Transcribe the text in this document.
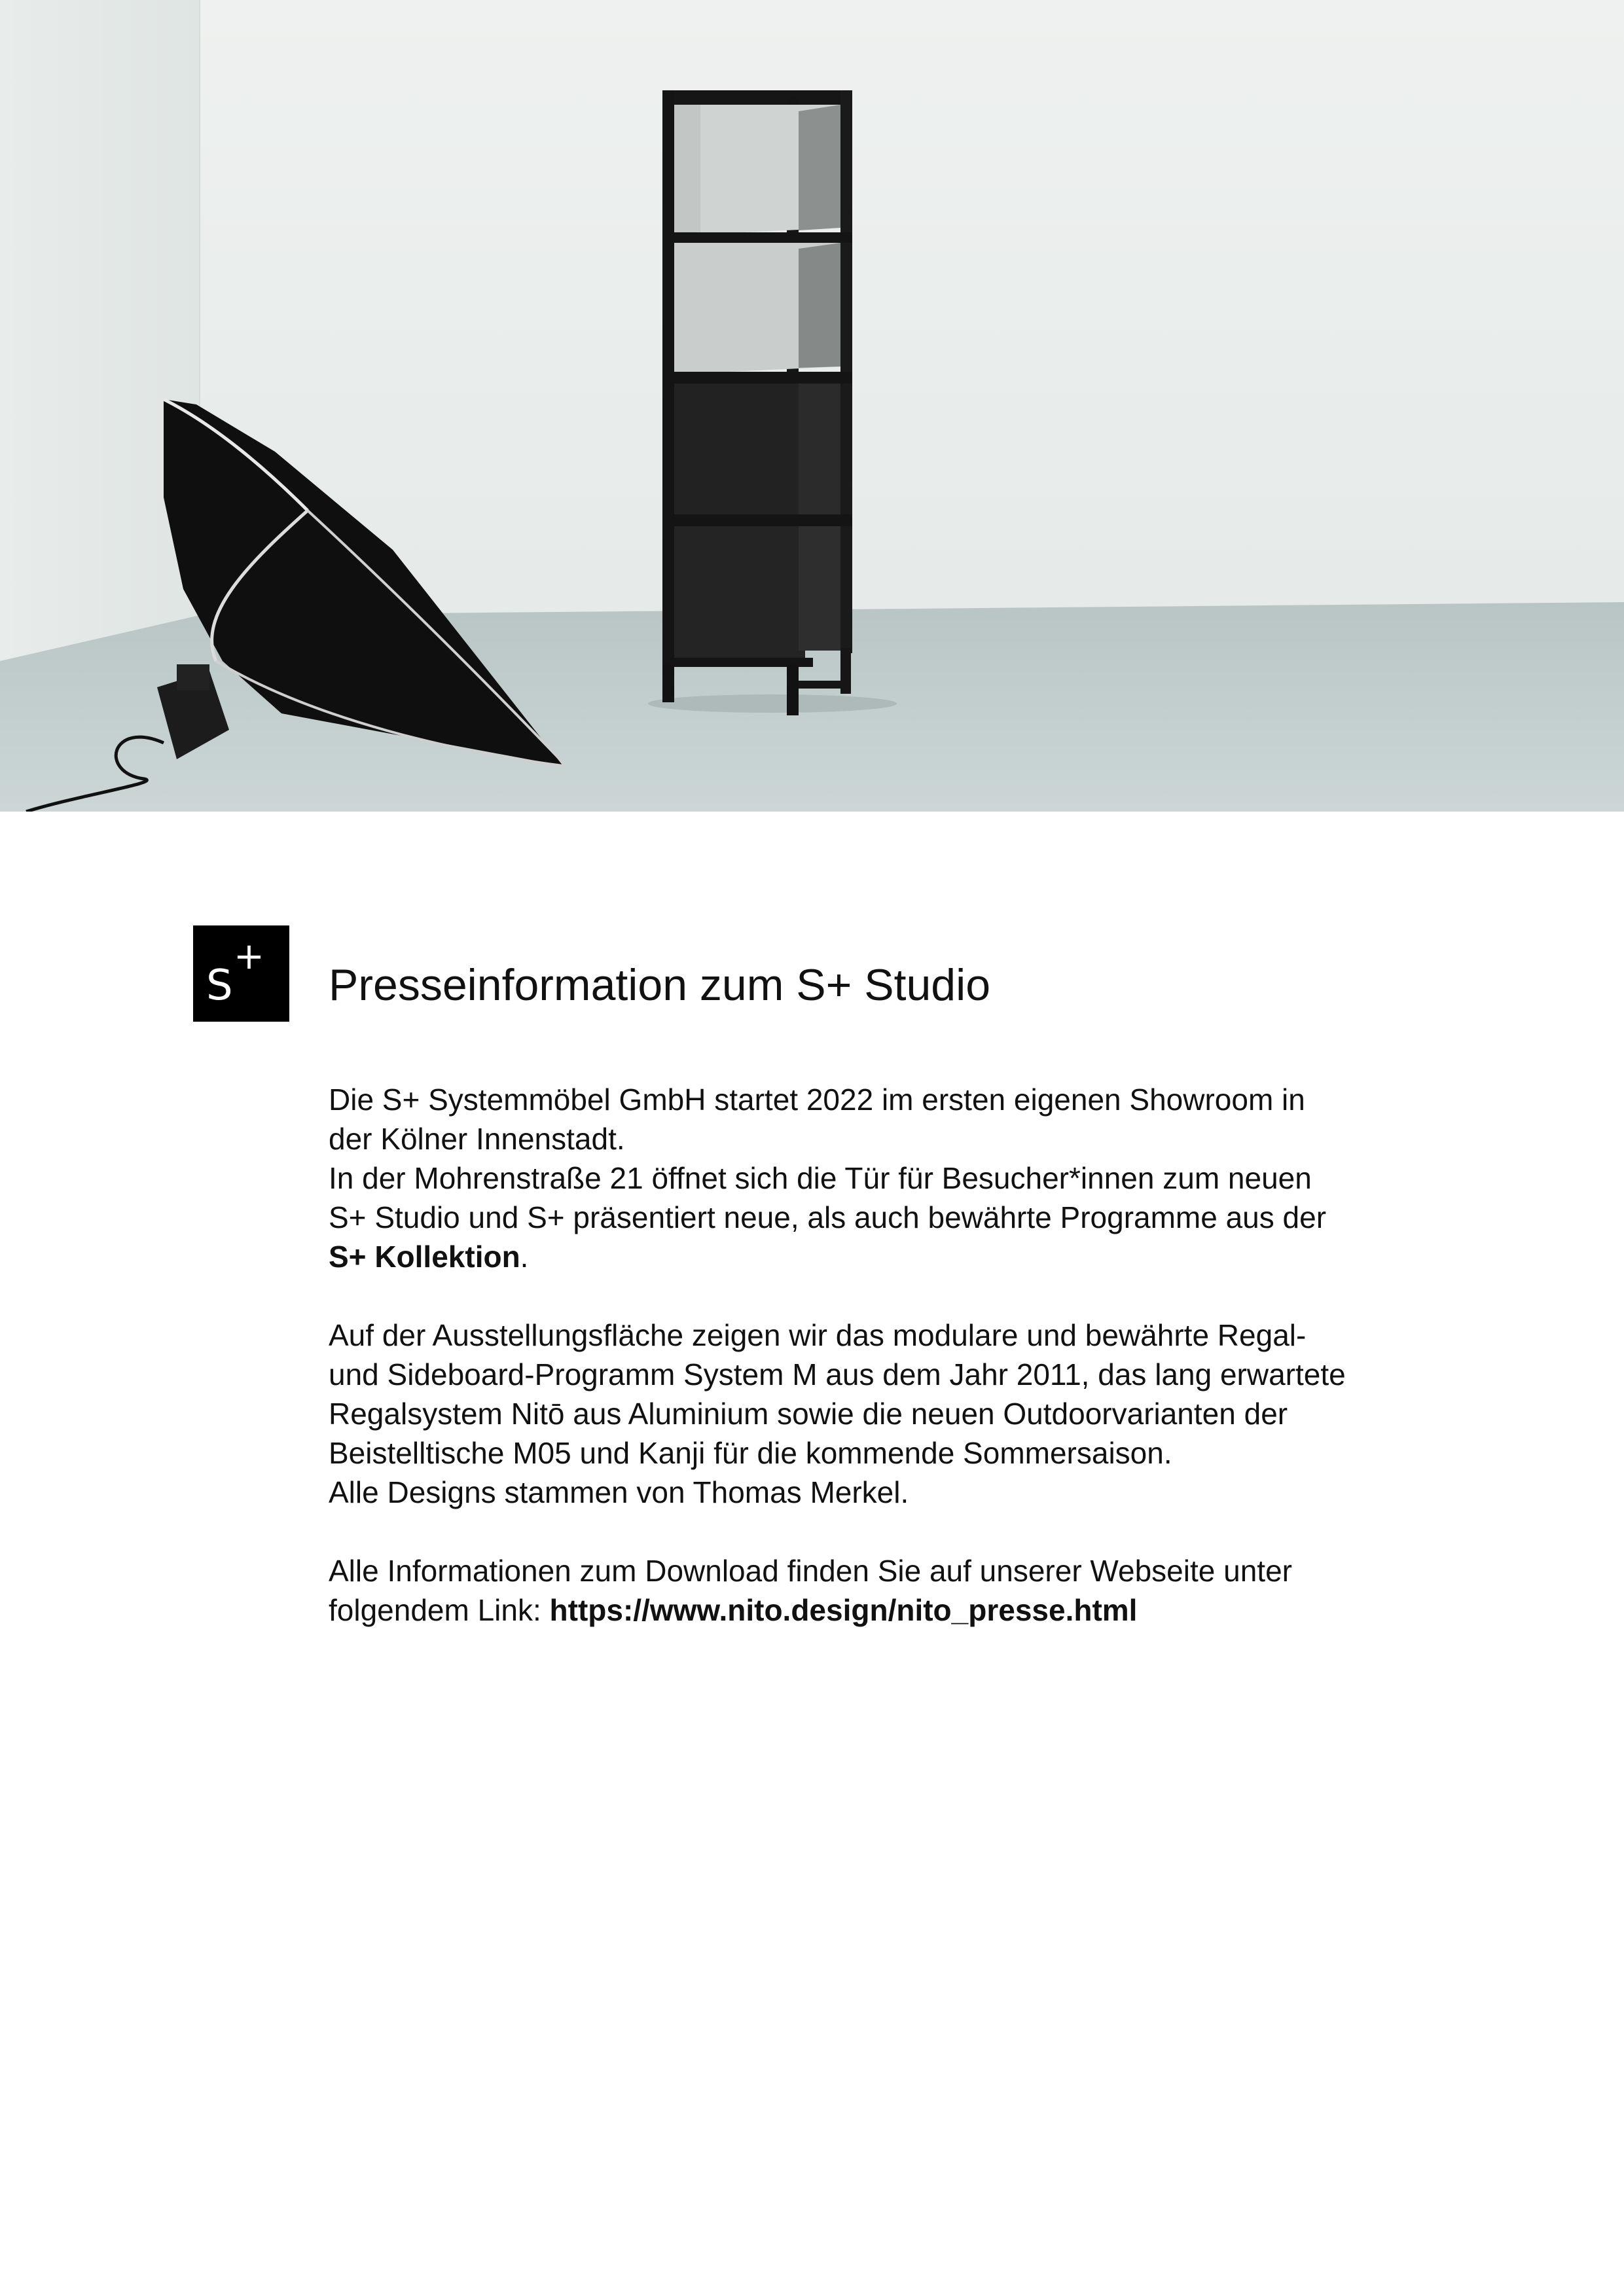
S
+
Presseinformation zum S+ Studio

Die S+ Systemmöbel GmbH startet 2022 im ersten eigenen Showroom in
der Kölner Innenstadt.
In der Mohrenstraße 21 öffnet sich die Tür für Besucher*innen zum neuen
S+ Studio und S+ präsentiert neue, als auch bewährte Programme aus der
S+ Kollektion.

Auf der Ausstellungsfläche zeigen wir das modulare und bewährte Regal-
und Sideboard-Programm System M aus dem Jahr 2011, das lang erwartete
Regalsystem Nitō aus Aluminium sowie die neuen Outdoorvarianten der
Beistelltische M05 und Kanji für die kommende Sommersaison.
Alle Designs stammen von Thomas Merkel.

Alle Informationen zum Download finden Sie auf unserer Webseite unter
folgendem Link: https://www.nito.design/nito_presse.html
